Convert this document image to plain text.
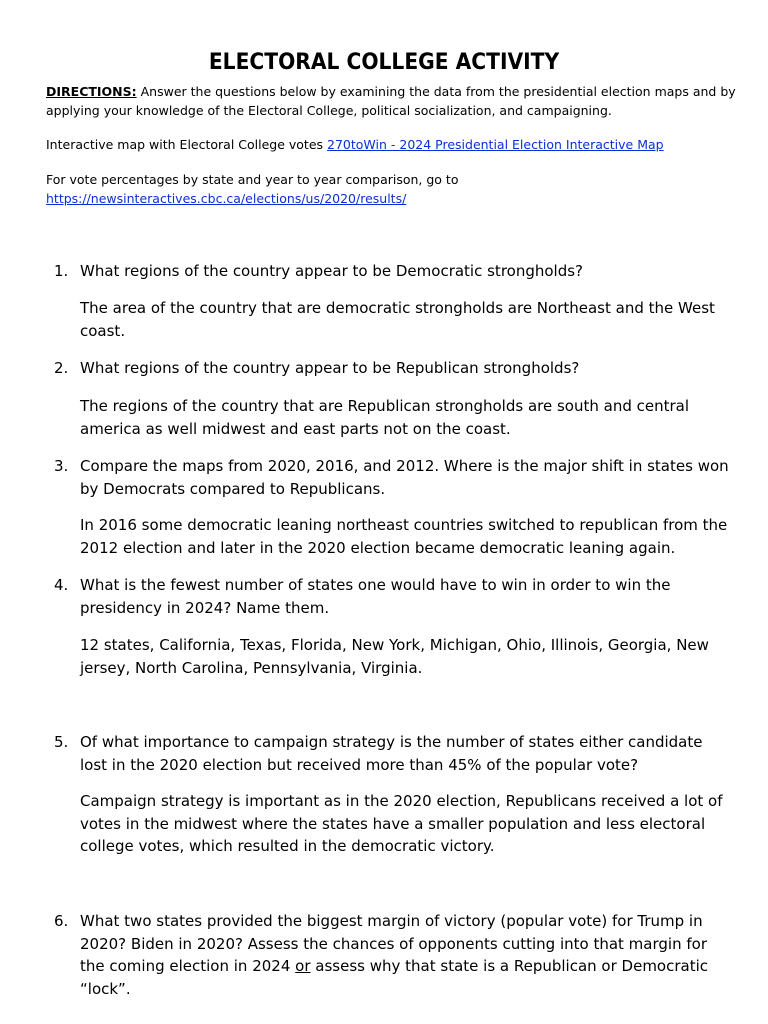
ELECTORAL COLLEGE ACTIVITY
DIRECTIONS: Answer the questions below by examining the data from the presidential election maps and by applying your knowledge of the Electoral College, political socialization, and campaigning.
Interactive map with Electoral College votes 270toWin - 2024 Presidential Election Interactive Map
For vote percentages by state and year to year comparison, go to
https://newsinteractives.cbc.ca/elections/us/2020/results/
1. What regions of the country appear to be Democratic strongholds?
The area of the country that are democratic strongholds are Northeast and the West coast.
2. What regions of the country appear to be Republican strongholds?
The regions of the country that are Republican strongholds are south and central america as well midwest and east parts not on the coast.
3. Compare the maps from 2020, 2016, and 2012. Where is the major shift in states won by Democrats compared to Republicans.
In 2016 some democratic leaning northeast countries switched to republican from the 2012 election and later in the 2020 election became democratic leaning again.
4. What is the fewest number of states one would have to win in order to win the presidency in 2024? Name them.
12 states, California, Texas, Florida, New York, Michigan, Ohio, Illinois, Georgia, New jersey, North Carolina, Pennsylvania, Virginia.
5. Of what importance to campaign strategy is the number of states either candidate lost in the 2020 election but received more than 45% of the popular vote?
Campaign strategy is important as in the 2020 election, Republicans received a lot of votes in the midwest where the states have a smaller population and less electoral college votes, which resulted in the democratic victory.
6. What two states provided the biggest margin of victory (popular vote) for Trump in 2020? Biden in 2020? Assess the chances of opponents cutting into that margin for the coming election in 2024 or assess why that state is a Republican or Democratic “lock”.
